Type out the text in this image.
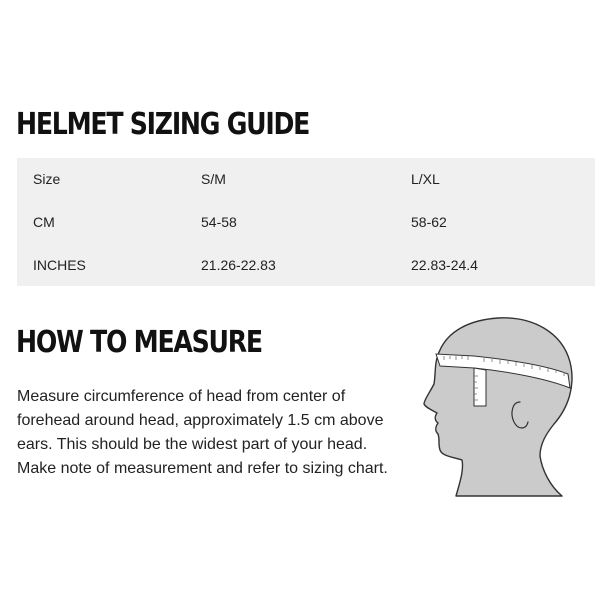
HELMET SIZING GUIDE
Size	S/M	L/XL
CM	54-58	58-62
INCHES	21.26-22.83	22.83-24.4
HOW TO MEASURE

Measure circumference of head from center of forehead around head, approximately 1.5 cm above ears. This should be the widest part of your head. Make note of measurement and refer to sizing chart.
